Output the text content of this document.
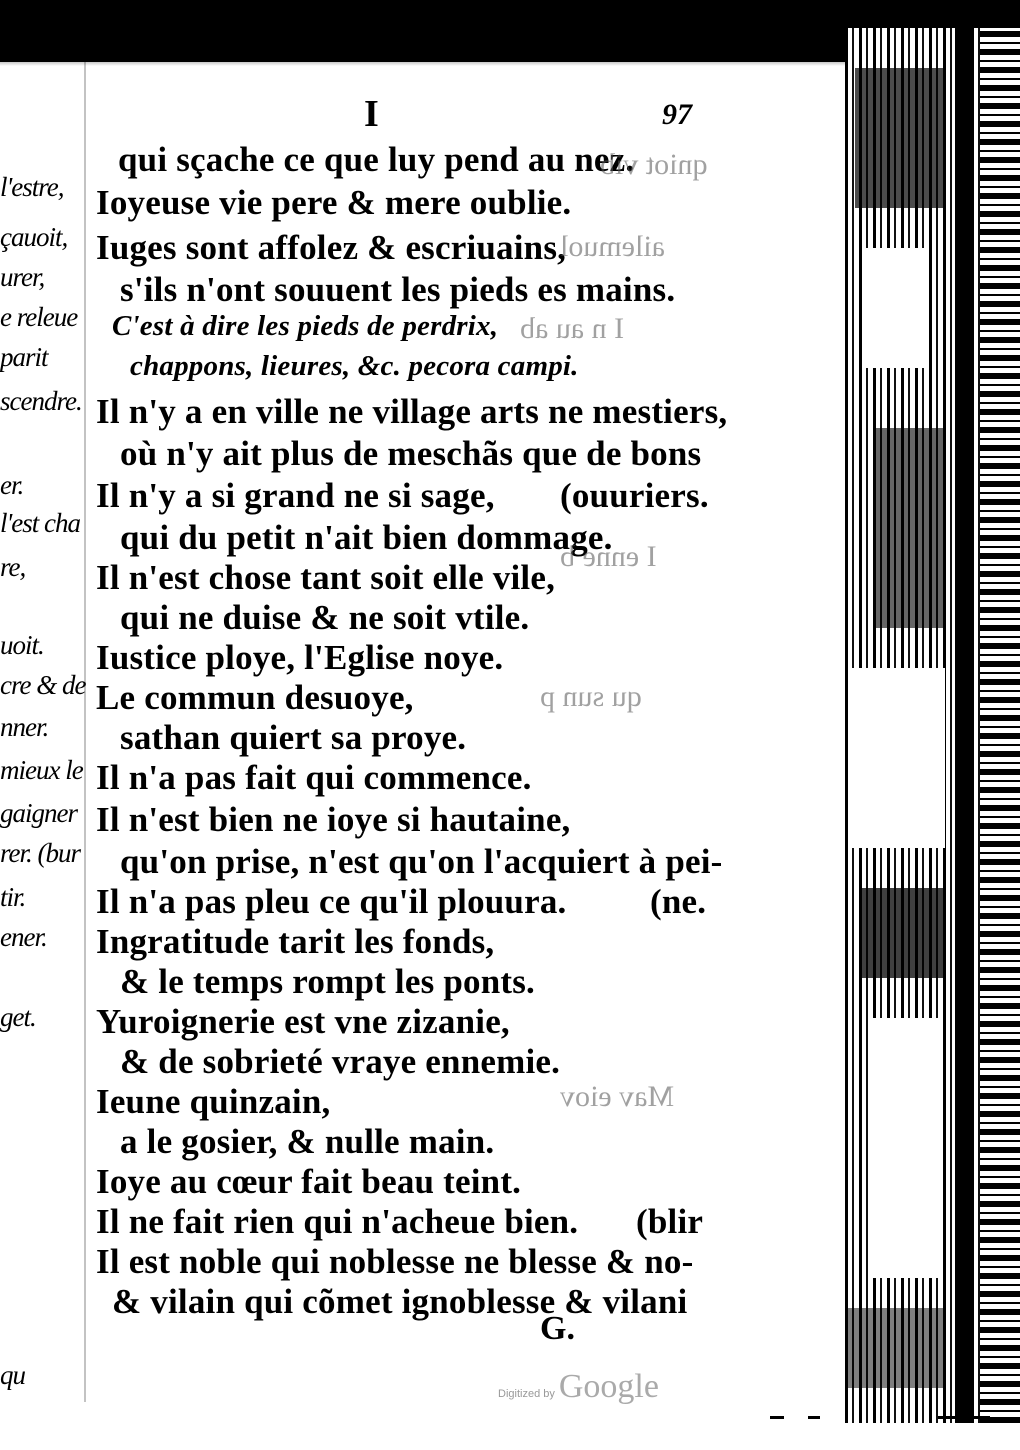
l'estre,
çauoit,
urer,
e releue
parit
scendre.
er.
l'est cha
re,
uoit.
cre & de
nner.
mieux le
gaigner
rer. (bur
tir.
ener.
get.
qu
I	97
qui sçache ce que luy pend au nez.
Ioyeuse vie pere & mere oublie.
Iuges sont affolez & escriuains,
s'ils n'ont souuent les pieds es mains.
C'est à dire les pieds de perdrix,
chappons, lieures, &c. pecora campi.
Il n'y a en ville ne village arts ne mestiers,
où n'y ait plus de meschãs que de bons
Il n'y a si grand ne si sage, (ouuriers.
qui du petit n'ait bien dommage.
Il n'est chose tant soit elle vile,
qui ne duise & ne soit vtile.
Iustice ploye, l'Eglise noye.
Le commun desuoye,
sathan quiert sa proye.
Il n'a pas fait qui commence.
Il n'est bien ne ioye si hautaine,
qu'on prise, n'est qu'on l'acquiert à pei-
Il n'a pas pleu ce qu'il plouura. (ne.
Ingratitude tarit les fonds,
& le temps rompt les ponts.
Yuroignerie est vne zizanie,
& de sobrieté vraye ennemie.
Ieune quinzain,
a le gosier, & nulle main.
Ioye au cœur fait beau teint.
Il ne fait rien qui n'acheue bien. (blir
Il est noble qui noblesse ne blesse & no-
& vilain qui cõmet ignoblesse & vilani
qniot vib
ailemuol
I n au ab
I enne b
qu sun p
Mav eiov
G.
Digitized by Google
